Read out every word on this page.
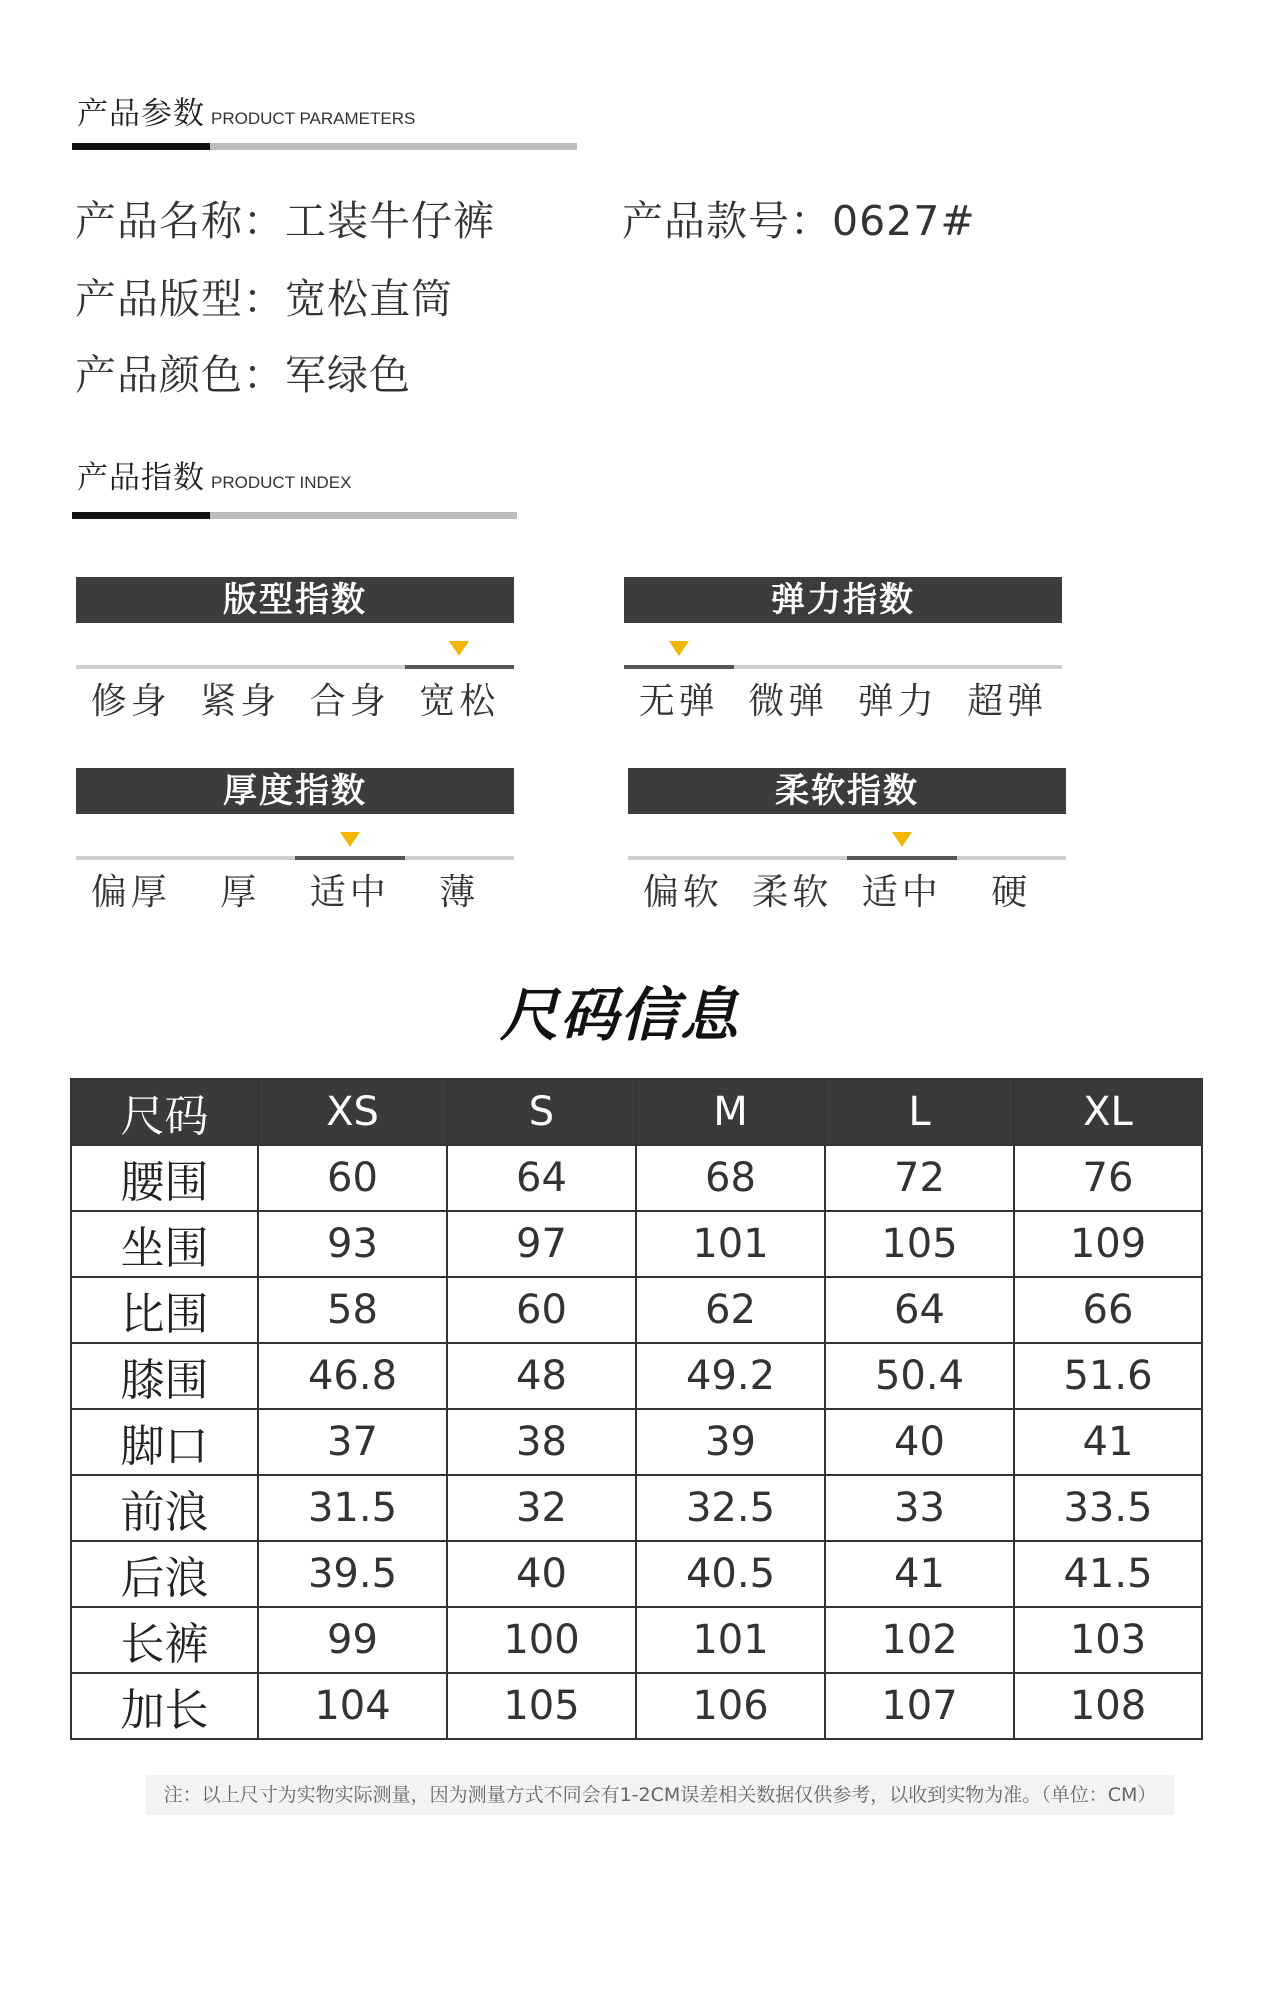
产品参数 PRODUCT PARAMETERS
产品名称：工装牛仔裤	产品款号：0627#
产品版型：宽松直筒
产品颜色：军绿色
产品指数 PRODUCT INDEX
版型指数
修身 紧身 合身 宽松
弹力指数
无弹 微弹 弹力 超弹
厚度指数
偏厚	厚	适中	薄
柔软指数
偏软 柔软 适中	硬
尺码信息
尺码	XS	S	M	L	XL
腰围	60	64	68	72	76
坐围	93	97	101	105	109
比围	58	60	62	64	66
膝围	46.8	48	49.2	50.4	51.6
脚口	37	38	39	40	41
前浪	31.5	32	32.5	33	33.5
后浪	39.5	40	40.5	41	41.5
长裤	99	100	101	102	103
加长	104	105	106	107	108
注：以上尺寸为实物实际测量，因为测量方式不同会有1-2CM误差相关数据仅供参考，以收到实物为准。（单位：CM）
